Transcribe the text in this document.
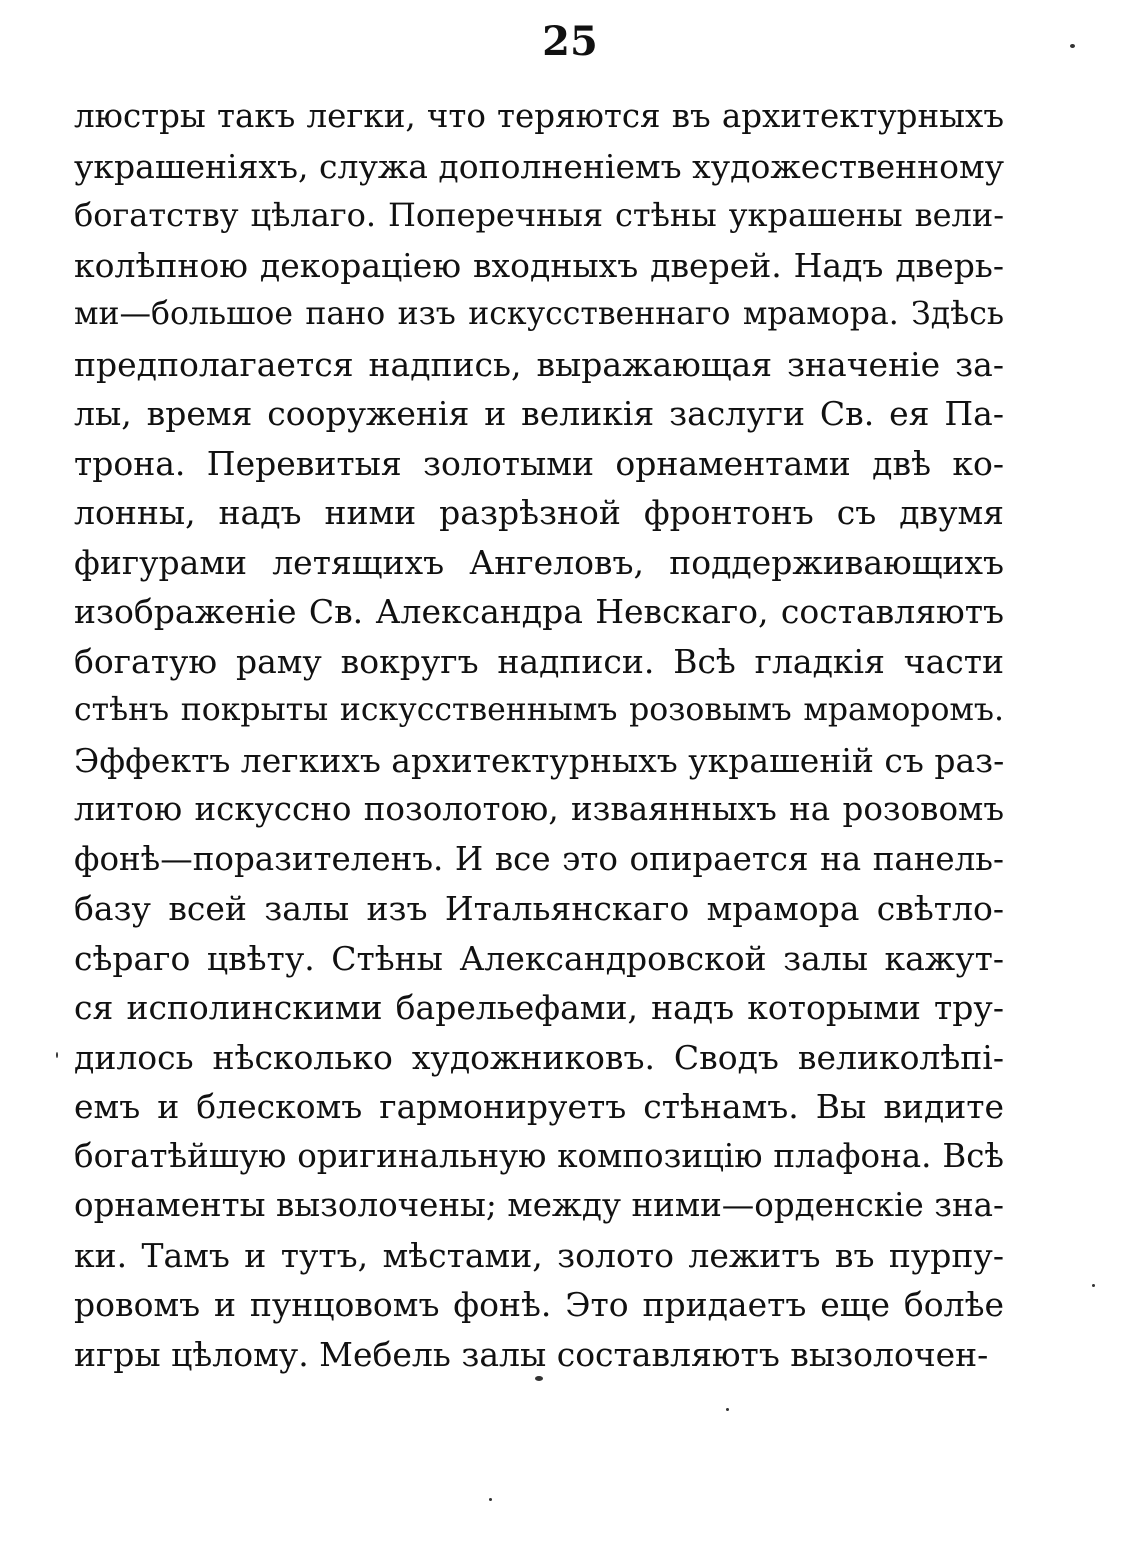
25
люстры такъ легки, что теряются въ архитектурныхъ
украшеніяхъ, служа дополненіемъ художественному
богатству цѣлаго. Поперечныя стѣны украшены вели-
колѣпною декораціею входныхъ дверей. Надъ дверь-
ми—большое пано изъ искусственнаго мрамора. Здѣсь
предполагается надпись, выражающая значеніе за-
лы, время сооруженія и великія заслуги Св. ея Па-
трона. Перевитыя золотыми орнаментами двѣ ко-
лонны, надъ ними разрѣзной фронтонъ съ двумя
фигурами летящихъ Ангеловъ, поддерживающихъ
изображеніе Св. Александра Невскаго, составляютъ
богатую раму вокругъ надписи. Всѣ гладкія части
стѣнъ покрыты искусственнымъ розовымъ мраморомъ.
Эффектъ легкихъ архитектурныхъ украшеній съ раз-
литою искуссно позолотою, изваянныхъ на розовомъ
фонѣ—поразителенъ. И все это опирается на панель-
базу всей залы изъ Итальянскаго мрамора свѣтло-
сѣраго цвѣту. Стѣны Александровской залы кажут-
ся исполинскими барельефами, надъ которыми тру-
дилось нѣсколько художниковъ. Сводъ великолѣпі-
емъ и блескомъ гармонируетъ стѣнамъ. Вы видите
богатѣйшую оригинальную композицію плафона. Всѣ
орнаменты вызолочены; между ними—орденскіе зна-
ки. Тамъ и тутъ, мѣстами, золото лежитъ въ пурпу-
ровомъ и пунцовомъ фонѣ. Это придаетъ еще болѣе
игры цѣлому. Мебель залы составляютъ вызолочен-
